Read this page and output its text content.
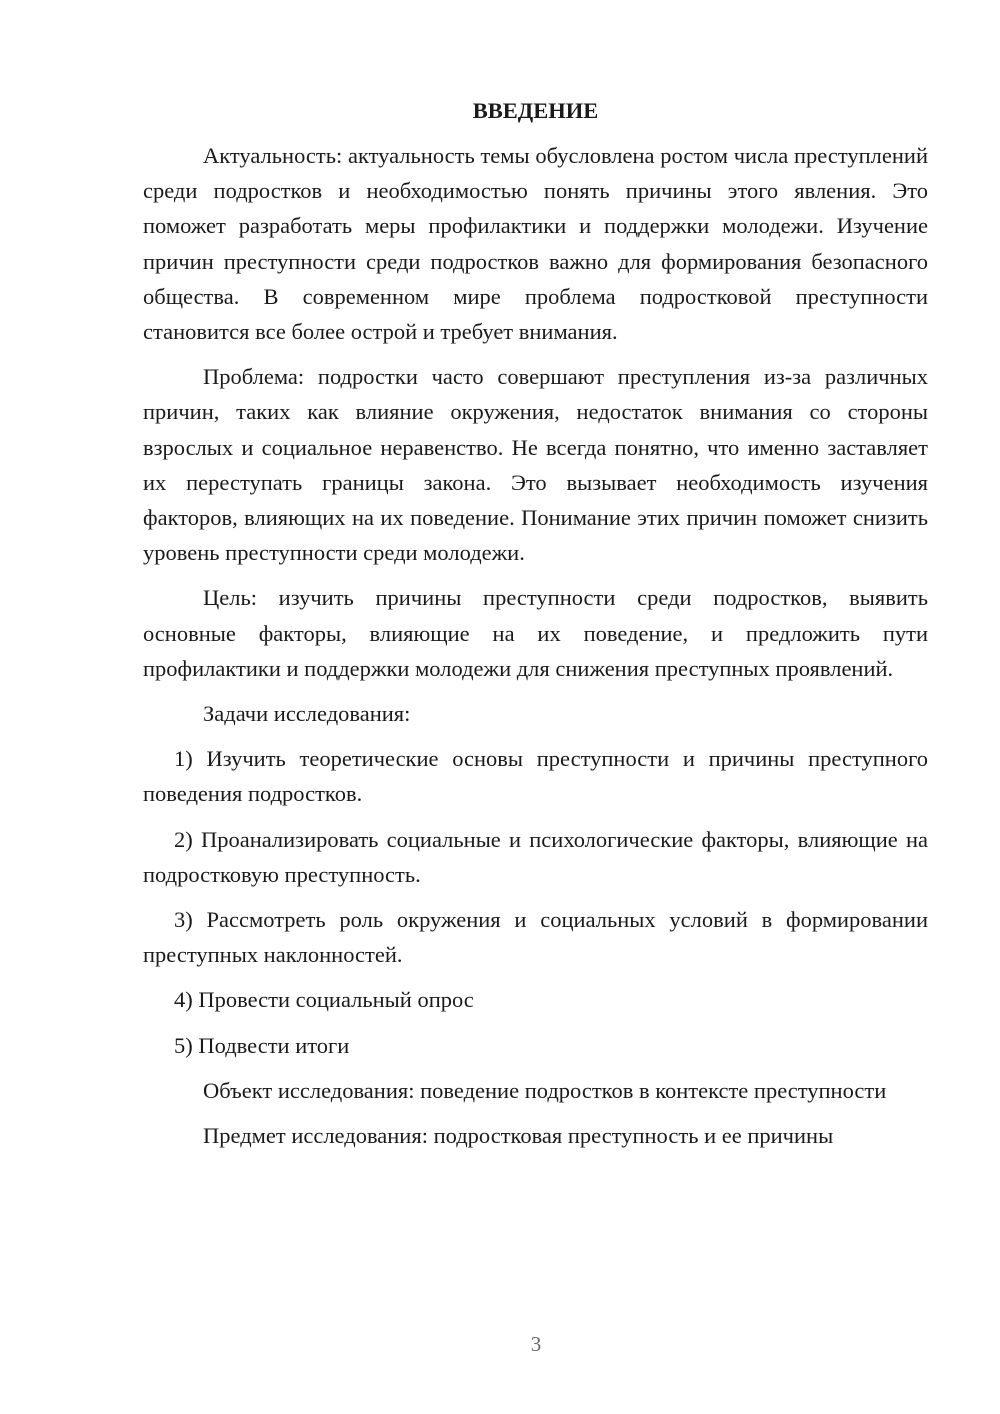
ВВЕДЕНИЕ

Актуальность: актуальность темы обусловлена ростом числа преступлений среди подростков и необходимостью понять причины этого явления. Это поможет разработать меры профилактики и поддержки молодежи. Изучение причин преступности среди подростков важно для формирования безопасного общества. В современном мире проблема подростковой преступности становится все более острой и требует внимания.

Проблема: подростки часто совершают преступления из-за различных причин, таких как влияние окружения, недостаток внимания со стороны взрослых и социальное неравенство. Не всегда понятно, что именно заставляет их переступать границы закона. Это вызывает необходимость изучения факторов, влияющих на их поведение. Понимание этих причин поможет снизить уровень преступности среди молодежи.

Цель: изучить причины преступности среди подростков, выявить основные факторы, влияющие на их поведение, и предложить пути профилактики и поддержки молодежи для снижения преступных проявлений.

Задачи исследования:

1) Изучить теоретические основы преступности и причины преступного поведения подростков.

2) Проанализировать социальные и психологические факторы, влияющие на подростковую преступность.

3) Рассмотреть роль окружения и социальных условий в формировании преступных наклонностей.

4) Провести социальный опрос

5) Подвести итоги

Объект исследования: поведение подростков в контексте преступности

Предмет исследования: подростковая преступность и ее причины

3
